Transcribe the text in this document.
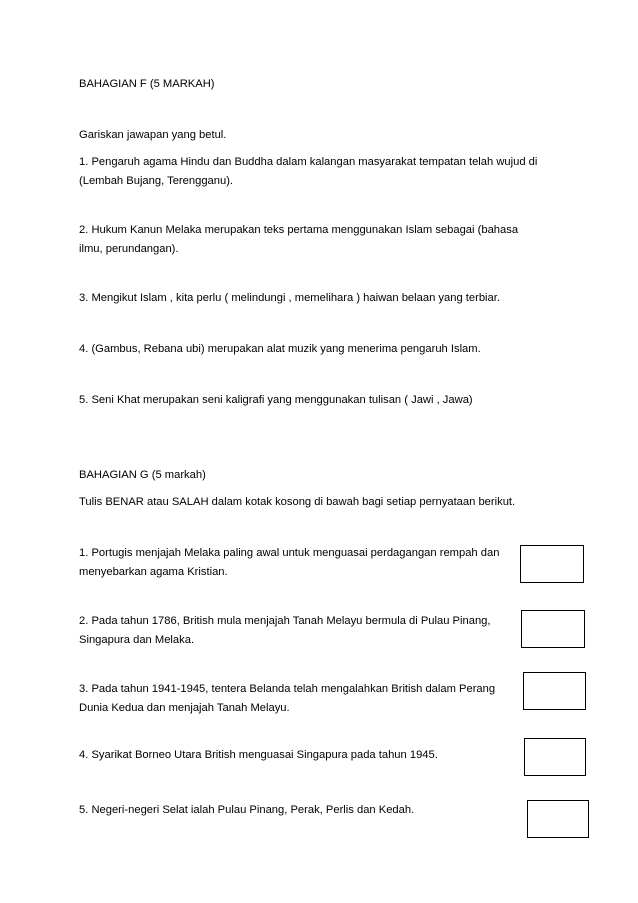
BAHAGIAN F (5 MARKAH)
Gariskan jawapan yang betul.
1. Pengaruh agama Hindu dan Buddha dalam kalangan masyarakat tempatan telah wujud di
(Lembah Bujang, Terengganu).
2. Hukum Kanun Melaka merupakan teks pertama menggunakan Islam sebagai (bahasa
ilmu, perundangan).
3. Mengikut Islam , kita perlu ( melindungi , memelihara ) haiwan belaan yang terbiar.
4. (Gambus, Rebana ubi) merupakan alat muzik yang menerima pengaruh Islam.
5. Seni Khat merupakan seni kaligrafi yang menggunakan tulisan ( Jawi , Jawa)
BAHAGIAN G (5 markah)
Tulis BENAR atau SALAH dalam kotak kosong di bawah bagi setiap pernyataan berikut.
1. Portugis menjajah Melaka paling awal untuk menguasai perdagangan rempah dan
menyebarkan agama Kristian.
2. Pada tahun 1786, British mula menjajah Tanah Melayu bermula di Pulau Pinang,
Singapura dan Melaka.
3. Pada tahun 1941-1945, tentera Belanda telah mengalahkan British dalam Perang
Dunia Kedua dan menjajah Tanah Melayu.
4. Syarikat Borneo Utara British menguasai Singapura pada tahun 1945.
5. Negeri-negeri Selat ialah Pulau Pinang, Perak, Perlis dan Kedah.
